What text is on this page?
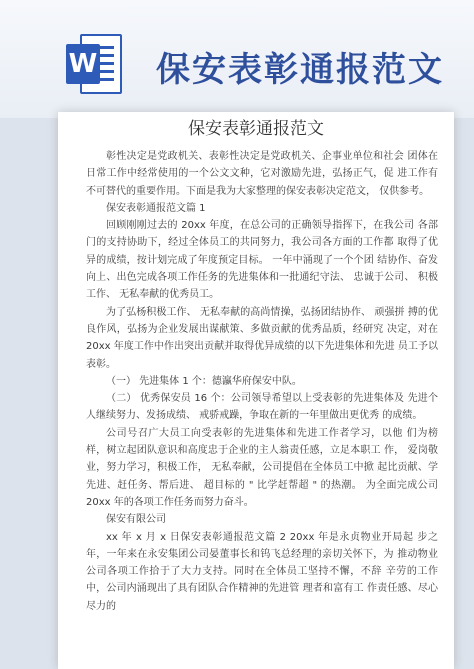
W 保安表彰通报范文
保安表彰通报范文

彰性决定是党政机关、表彰性决定是党政机关、企事业单位和社会 团体在日常工作中经常使用的一个公文文种，它对激励先进，弘扬正气，促 进工作有不可替代的重要作用。下面是我为大家整理的保安表彰决定范文， 仅供参考。

保安表彰通报范文篇 1

回顾刚刚过去的 20xx 年度，在总公司的正确领导指挥下，在我公司 各部门的支持协助下，经过全体员工的共同努力，我公司各方面的工作都 取得了优异的成绩，按计划完成了年度预定目标。 一年中涌现了一个个团 结协作、奋发向上、出色完成各项工作任务的先进集体和一批通纪守法、 忠诚于公司、 积极工作、 无私奉献的优秀员工。

为了弘杨积极工作、 无私奉献的高尚情操，弘扬团结协作、 顽强拼 搏的优良作风，弘扬为企业发展出谋献策、多做贡献的优秀品质，经研究 决定，对在 20xx 年度工作中作出突出贡献并取得优异成绩的以下先进集体和先进 员工予以表彰。

（一） 先进集体 1 个：德瀛华府保安中队。

（二） 优秀保安员 16 个：公司领导希望以上受表彰的先进集体及 先进个人继续努力、发扬成绩、 戒骄戒躁，争取在新的一年里做出更优秀 的成绩。

公司号召广大员工向受表彰的先进集体和先进工作者学习，以他 们为榜样，树立起团队意识和高度忠于企业的主人翁责任感，立足本职工 作， 爱岗敬业，努力学习，积极工作， 无私奉献，公司提倡在全体员工中掀 起比贡献、学先进、赶任务、帮后进、 超目标的 " 比学赶帮超 " 的热潮。 为全面完成公司 20xx 年的各项工作任务而努力奋斗。

保安有限公司

xx 年 x 月 x 日保安表彰通报范文篇 2 20xx 年是永贞物业开局起 步之年，一年来在永安集团公司晏董事长和钨飞总经理的亲切关怀下，为 推动物业公司各项工作拾于了大力支持。同时在全体员工坚持不懈，不辞 辛劳的工作中，公司内涌现出了具有团队合作精神的先进管 理者和富有工 作责任感、尽心尽力的
